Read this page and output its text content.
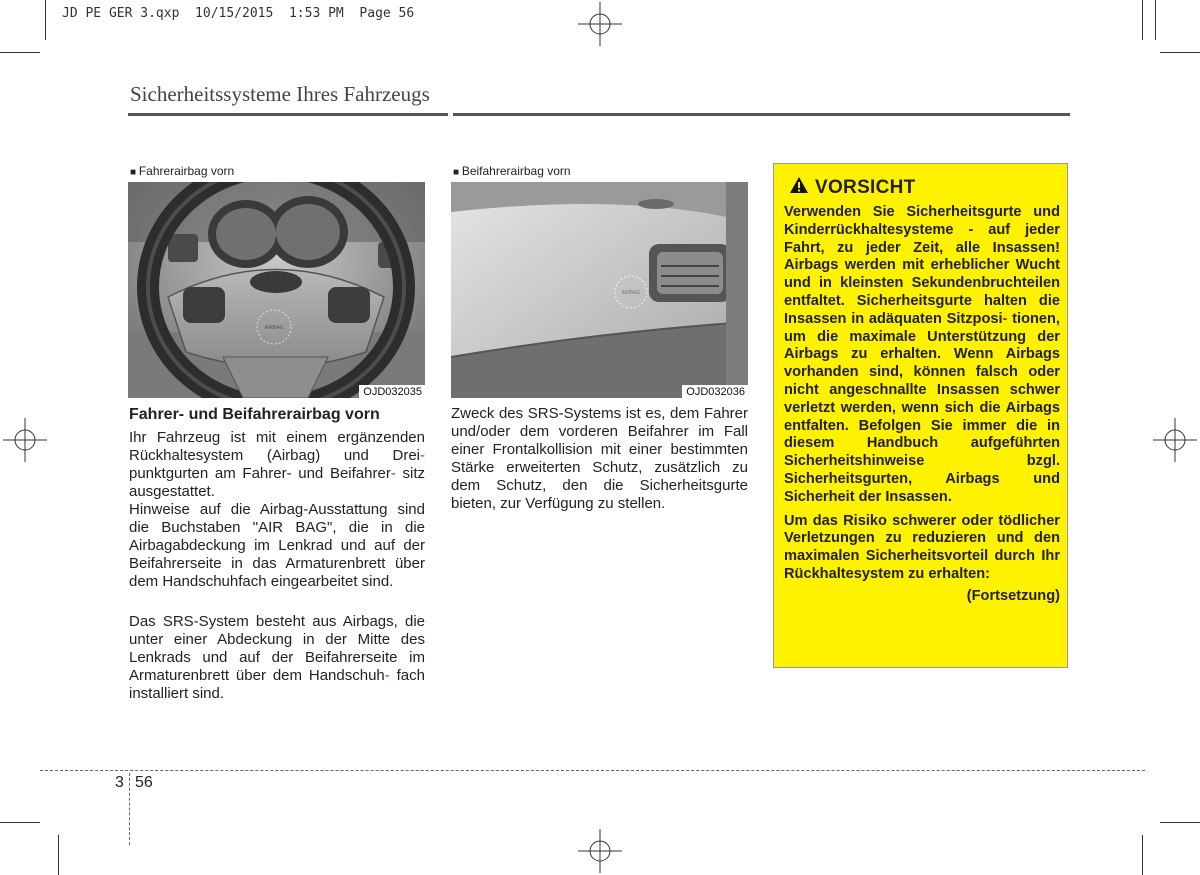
JD PE GER 3.qxp  10/15/2015  1:53 PM  Page 56
Sicherheitssysteme Ihres Fahrzeugs
■ Fahrerairbag vorn
AIRBAG
OJD032035
■ Beifahrerairbag vorn
AIRBAG
OJD032036
Fahrer- und Beifahrerairbag vorn

Ihr Fahrzeug ist mit einem ergänzenden Rückhaltesystem (Airbag) und Drei- punktgurten am Fahrer- und Beifahrer- sitz ausgestattet.

Hinweise auf die Airbag-Ausstattung sind die Buchstaben "AIR BAG", die in die Airbagabdeckung im Lenkrad und auf der Beifahrerseite in das Armaturenbrett über dem Handschuhfach eingearbeitet sind.

Das SRS-System besteht aus Airbags, die unter einer Abdeckung in der Mitte des Lenkrads und auf der Beifahrerseite im Armaturenbrett über dem Handschuh- fach installiert sind.

Zweck des SRS-Systems ist es, dem Fahrer und/oder dem vorderen Beifahrer im Fall einer Frontalkollision mit einer bestimmten Stärke erweiterten Schutz, zusätzlich zu dem Schutz, den die Sicherheitsgurte bieten, zur Verfügung zu stellen.

VORSICHT

Verwenden Sie Sicherheitsgurte und Kinderrückhaltesysteme - auf jeder Fahrt, zu jeder Zeit, alle Insassen! Airbags werden mit erheblicher Wucht und in kleinsten Sekundenbruchteilen entfaltet. Sicherheitsgurte halten die Insassen in adäquaten Sitzposi- tionen, um die maximale Unterstützung der Airbags zu erhalten. Wenn Airbags vorhanden sind, können falsch oder nicht angeschnallte Insassen schwer verletzt werden, wenn sich die Airbags entfalten. Befolgen Sie immer die in diesem Handbuch aufgeführten Sicherheitshinweise bzgl. Sicherheitsgurten, Airbags und Sicherheit der Insassen.

Um das Risiko schwerer oder tödlicher Verletzungen zu reduzieren und den maximalen Sicherheitsvorteil durch Ihr Rückhaltesystem zu erhalten:

(Fortsetzung)

3 56
